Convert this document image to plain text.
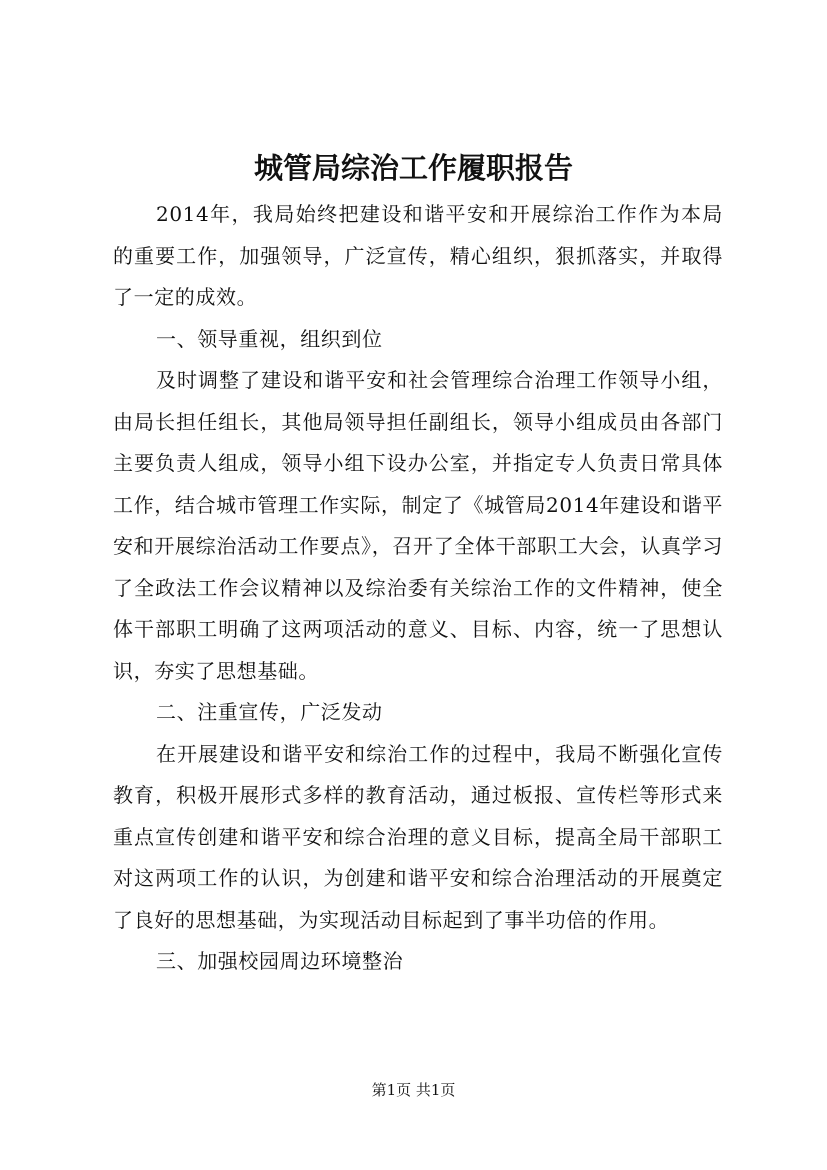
城管局综治工作履职报告

2014年，我局始终把建设和谐平安和开展综治工作作为本局的重要工作，加强领导，广泛宣传，精心组织，狠抓落实，并取得了一定的成效。

一、领导重视，组织到位

及时调整了建设和谐平安和社会管理综合治理工作领导小组，由局长担任组长，其他局领导担任副组长，领导小组成员由各部门主要负责人组成，领导小组下设办公室，并指定专人负责日常具体工作，结合城市管理工作实际，制定了《城管局2014年建设和谐平安和开展综治活动工作要点》，召开了全体干部职工大会，认真学习了全政法工作会议精神以及综治委有关综治工作的文件精神，使全体干部职工明确了这两项活动的意义、目标、内容，统一了思想认识，夯实了思想基础。

二、注重宣传，广泛发动

在开展建设和谐平安和综治工作的过程中，我局不断强化宣传教育，积极开展形式多样的教育活动，通过板报、宣传栏等形式来重点宣传创建和谐平安和综合治理的意义目标，提高全局干部职工对这两项工作的认识，为创建和谐平安和综合治理活动的开展奠定了良好的思想基础，为实现活动目标起到了事半功倍的作用。

三、加强校园周边环境整治

第1页 共1页
